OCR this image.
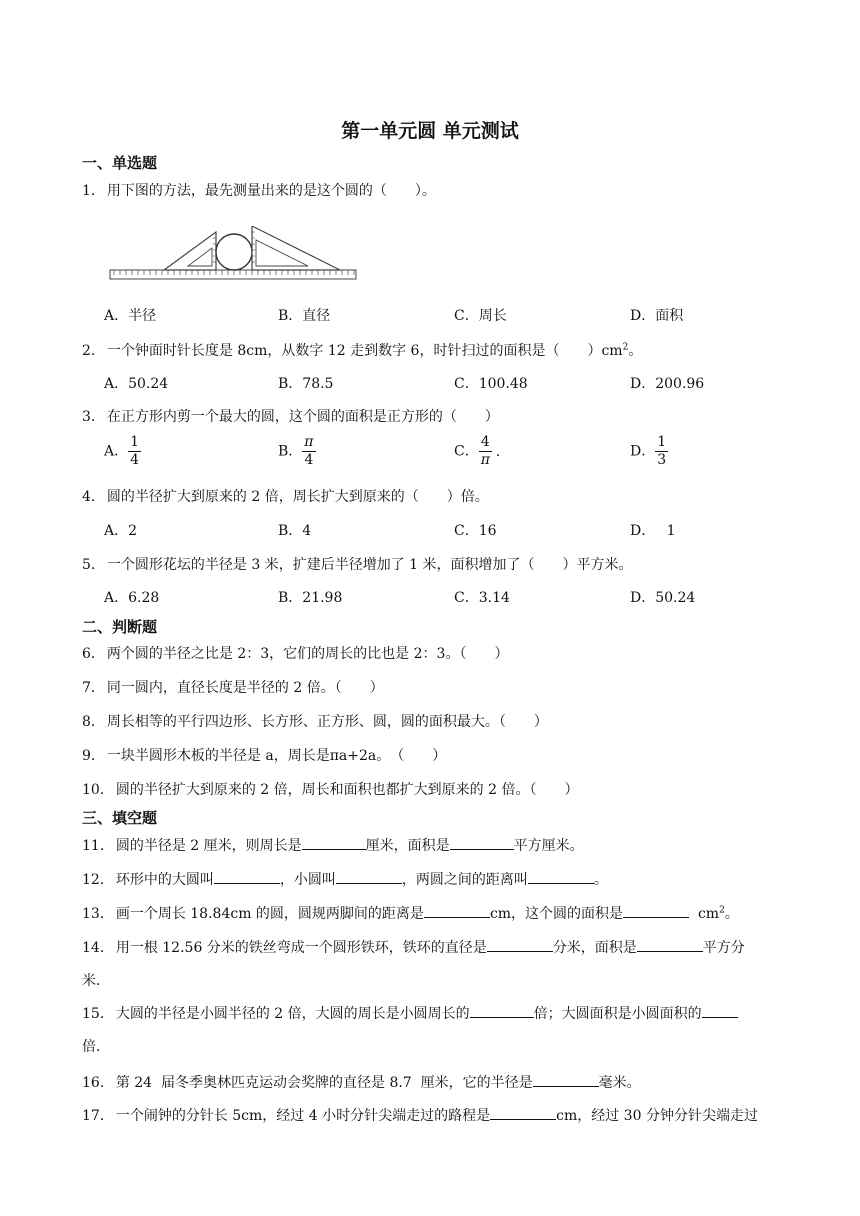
第一单元圆 单元测试
一、单选题
1． 用下图的方法，最先测量出来的是这个圆的（　　）。
A．半径	B．直径	C．周长	D．面积
2． 一个钟面时针长度是 8cm，从数字 12 走到数字 6，时针扫过的面积是（　　）$cm^2$。
A．50.24	B．78.5	C．100.48	D．200.96
3． 在正方形内剪一个最大的圆，这个圆的面积是正方形的（　　）
A． $\frac{1}{4}$	B． $\frac{\pi}{4}$	C． $\frac{4}{\pi}$ .	D． $\frac{1}{3}$
4． 圆的半径扩大到原来的 2 倍，周长扩大到原来的（　　）倍。
A．2	B．4	C．16	D．　 1
5． 一个圆形花坛的半径是 3 米，扩建后半径增加了 1 米，面积增加了（　　）平方米。
A．6.28	B．21.98	C．3.14	D．50.24
二、判断题
6． 两个圆的半径之比是 2：3，它们的周长的比也是 2：3。（　　）
7． 同一圆内，直径长度是半径的 2 倍。（　　）
8． 周长相等的平行四边形、长方形、正方形、圆，圆的面积最大。（　　）
9． 一块半圆形木板的半径是 a，周长是πa+2a。　（　　）
10． 圆的半径扩大到原来的 2 倍，周长和面积也都扩大到原来的 2 倍。（　　）
三、填空题
11． 圆的半径是 2 厘米，则周长是	厘米，面积是	平方厘米。
12． 环形中的大圆叫	，小圆叫	，两圆之间的距离叫	。
13． 画一个周长 18.84cm 的圆，圆规两脚间的距离是	cm，这个圆的面积是	$cm^2$。
14． 用一根 12.56 分米的铁丝弯成一个圆形铁环，铁环的直径是	分米，面积是	平方分
米．
15． 大圆的半径是小圆半径的 2 倍，大圆的周长是小圆周长的	倍；大圆面积是小圆面积的
倍．
16． 第 24  届冬季奥林匹克运动会奖牌的直径是 8.7  厘米，它的半径是	毫米。
17． 一个闹钟的分针长 5cm，经过 4 小时分针尖端走过的路程是	cm，经过 30 分钟分针尖端走过
